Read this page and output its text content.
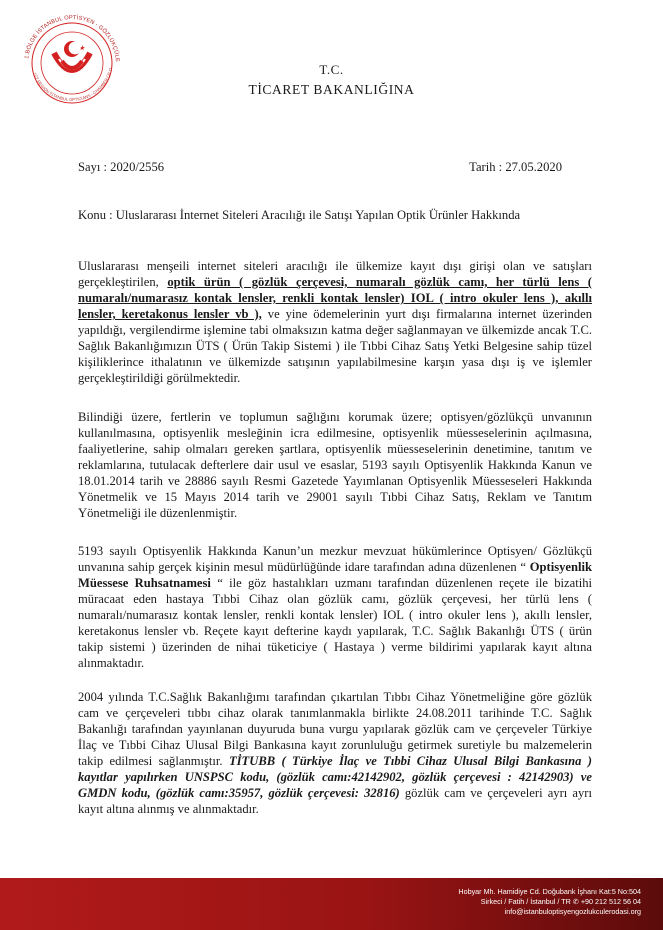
1.BÖLGE İSTANBUL OPTİSYEN - GÖZLÜKÇÜLE
1ST REGION İSTANBUL OPTICIANS - CHAMBER OF O	T.C.
TİCARET BAKANLIĞINA
Sayı : 2020/2556	Tarih : 27.05.2020
Konu : Uluslararası İnternet Siteleri Aracılığı ile Satışı Yapılan Optik Ürünler Hakkında

Uluslararası menşeili internet siteleri aracılığı ile ülkemize kayıt dışı girişi olan ve satışları gerçekleştirilen, optik ürün ( gözlük çerçevesi, numaralı gözlük camı, her türlü lens ( numaralı/numarasız kontak lensler, renkli kontak lensler) IOL ( intro okuler lens ), akıllı lensler, keretakonus lensler vb ), ve yine ödemelerinin yurt dışı firmalarına internet üzerinden yapıldığı, vergilendirme işlemine tabi olmaksızın katma değer sağlanmayan ve ülkemizde ancak T.C. Sağlık Bakanlığımızın ÜTS ( Ürün Takip Sistemi ) ile Tıbbi Cihaz Satış Yetki Belgesine sahip tüzel kişiliklerince ithalatının ve ülkemizde satışının yapılabilmesine karşın yasa dışı iş ve işlemler gerçekleştirildiği görülmektedir.

Bilindiği üzere, fertlerin ve toplumun sağlığını korumak üzere; optisyen/gözlükçü unvanının kullanılmasına, optisyenlik mesleğinin icra edilmesine, optisyenlik müesseselerinin açılmasına, faaliyetlerine, sahip olmaları gereken şartlara, optisyenlik müesseselerinin denetimine, tanıtım ve reklamlarına, tutulacak defterlere dair usul ve esaslar, 5193 sayılı Optisyenlik Hakkında Kanun ve 18.01.2014 tarih ve 28886 sayılı Resmi Gazetede Yayımlanan Optisyenlik Müesseseleri Hakkında Yönetmelik ve 15 Mayıs 2014 tarih ve 29001 sayılı Tıbbi Cihaz Satış, Reklam ve Tanıtım Yönetmeliği ile düzenlenmiştir.

5193 sayılı Optisyenlik Hakkında Kanun’un mezkur mevzuat hükümlerince Optisyen/ Gözlükçü unvanına sahip gerçek kişinin mesul müdürlüğünde idare tarafından adına düzenlenen “ Optisyenlik Müessese Ruhsatnamesi “ ile göz hastalıkları uzmanı tarafından düzenlenen reçete ile bizatihi müracaat eden hastaya Tıbbi Cihaz olan gözlük camı, gözlük çerçevesi, her türlü lens ( numaralı/numarasız kontak lensler, renkli kontak lensler) IOL ( intro okuler lens ), akıllı lensler, keretakonus lensler vb. Reçete kayıt defterine kaydı yapılarak, T.C. Sağlık Bakanlığı ÜTS ( ürün takip sistemi ) üzerinden de nihai tüketiciye ( Hastaya ) verme bildirimi yapılarak kayıt altına alınmaktadır.

2004 yılında T.C.Sağlık Bakanlığımı tarafından çıkartılan Tıbbı Cihaz Yönetmeliğine göre gözlük cam ve çerçeveleri tıbbı cihaz olarak tanımlanmakla birlikte 24.08.2011 tarihinde T.C. Sağlık Bakanlığı tarafından yayınlanan duyuruda buna vurgu yapılarak gözlük cam ve çerçeveler Türkiye İlaç ve Tıbbi Cihaz Ulusal Bilgi Bankasına kayıt zorunluluğu getirmek suretiyle bu malzemelerin takip edilmesi sağlanmıştır. TİTUBB ( Türkiye İlaç ve Tıbbi Cihaz Ulusal Bilgi Bankasına ) kayıtlar yapılırken UNSPSC kodu, (gözlük camı:42142902, gözlük çerçevesi : 42142903) ve GMDN kodu, (gözlük camı:35957, gözlük çerçevesi: 32816) gözlük cam ve çerçeveleri ayrı ayrı kayıt altına alınmış ve alınmaktadır.

Hobyar Mh. Hamidiye Cd. Doğubank İşhanı Kat:5 No:504
Sirkeci / Fatih / İstanbul / TR ✆ +90 212 512 56 04
info@istanbuloptisyengozlukculerodasi.org
